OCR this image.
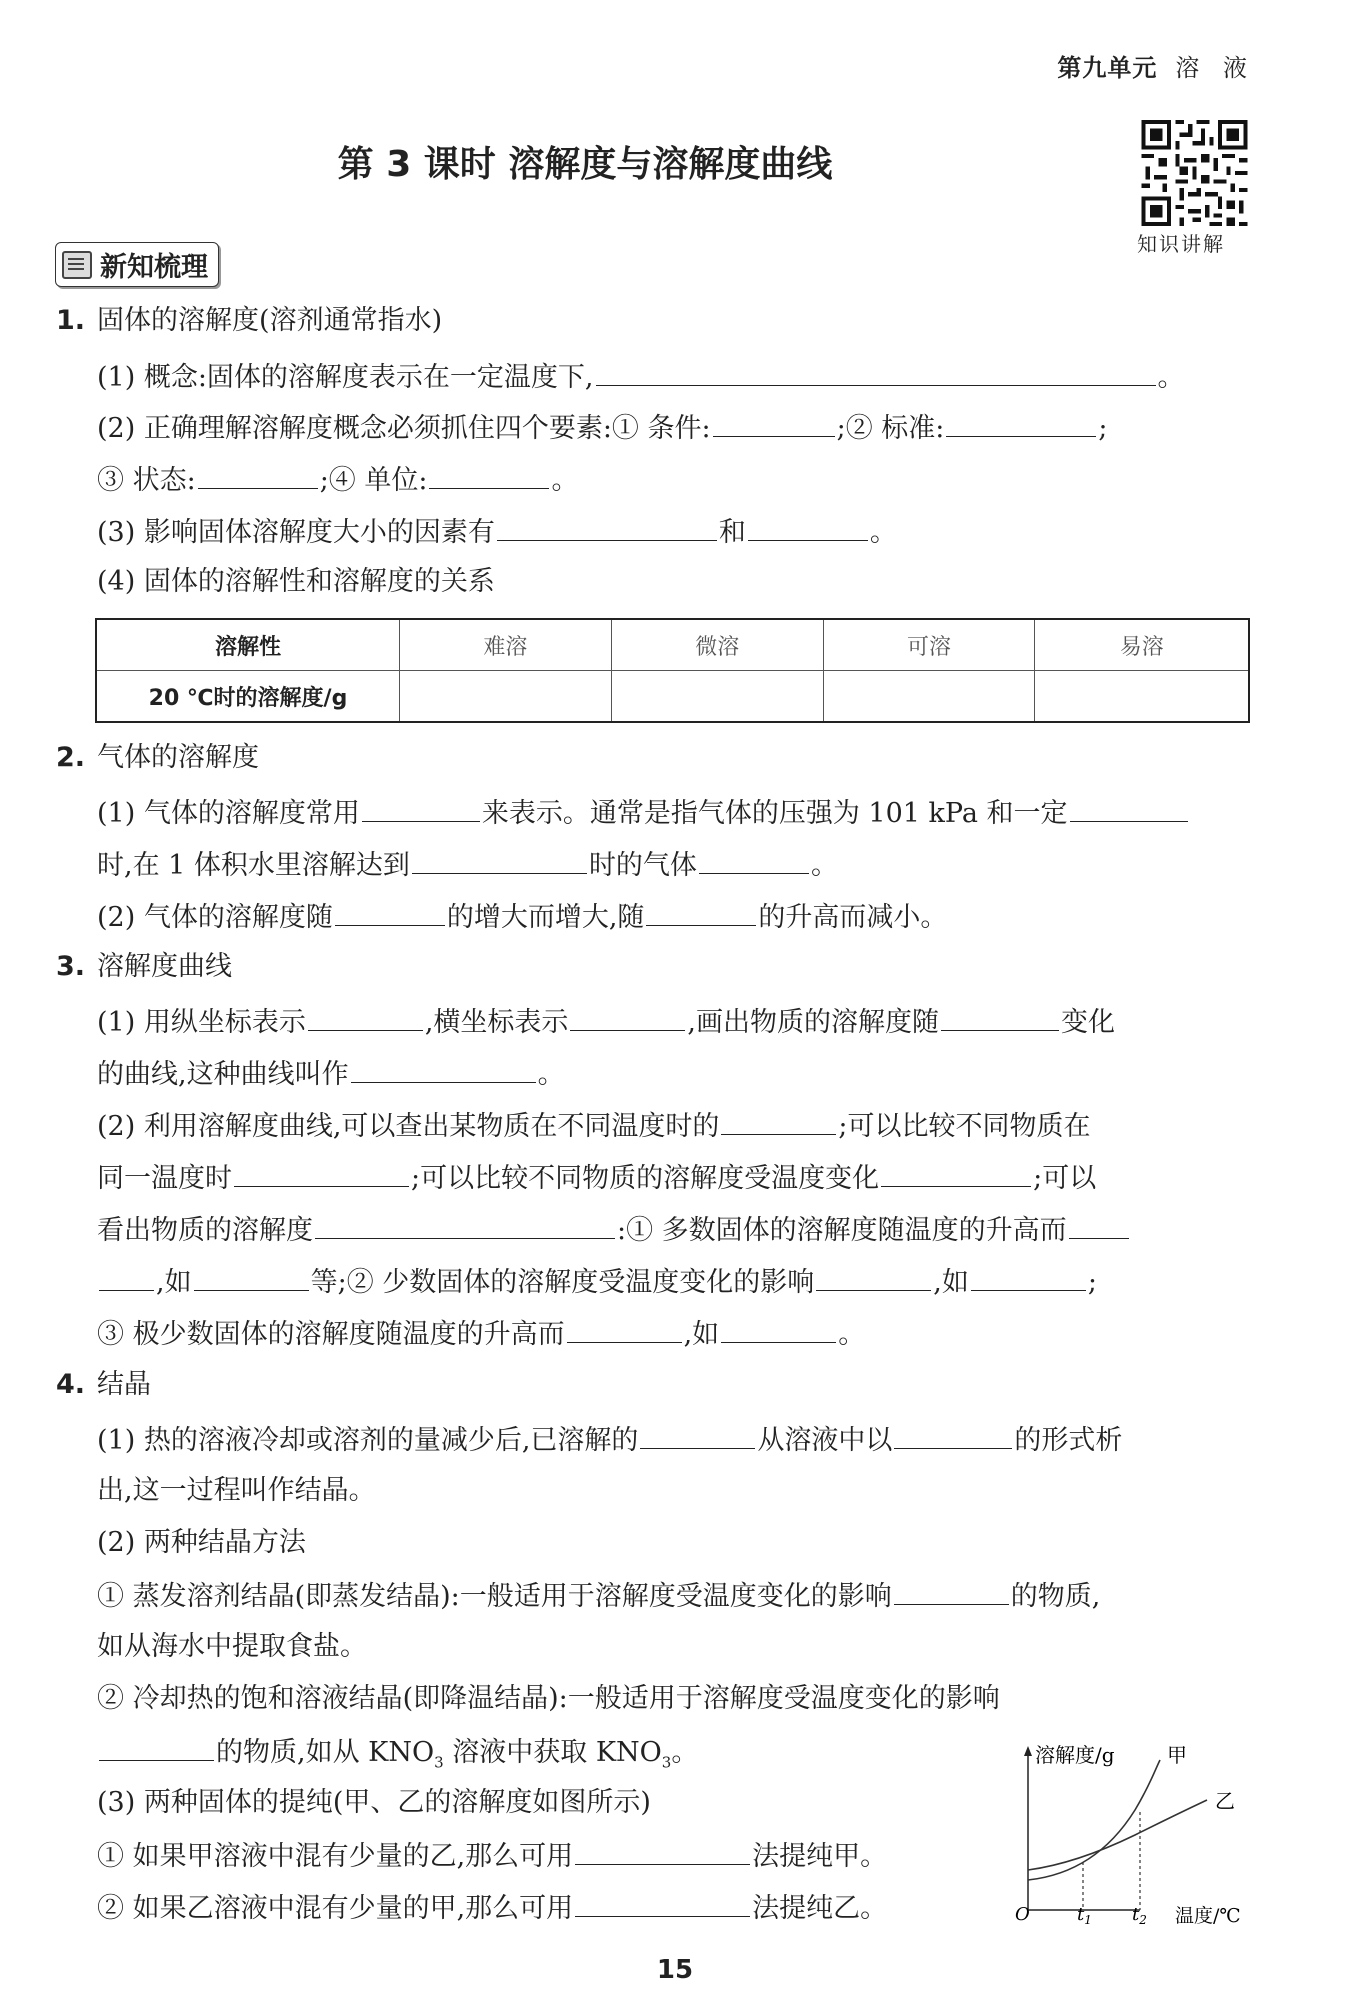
第九单元 溶 液
第 3 课时 溶解度与溶解度曲线
知识讲解
新知梳理
1. 固体的溶解度(溶剂通常指水)
(1) 概念:固体的溶解度表示在一定温度下,	。
(2) 正确理解溶解度概念必须抓住四个要素:① 条件:	;② 标准:	;
③ 状态:	;④ 单位:	。
(3) 影响固体溶解度大小的因素有	和	。
(4) 固体的溶解性和溶解度的关系
溶解性	难溶	微溶	可溶	易溶
20 ℃时的溶解度/g				
2. 气体的溶解度
(1) 气体的溶解度常用	来表示。通常是指气体的压强为 101 kPa 和一定
时,在 1 体积水里溶解达到	时的气体	。
(2) 气体的溶解度随	的增大而增大,随	的升高而减小。
3. 溶解度曲线
(1) 用纵坐标表示	,横坐标表示	,画出物质的溶解度随	变化
的曲线,这种曲线叫作	。
(2) 利用溶解度曲线,可以查出某物质在不同温度时的	;可以比较不同物质在
同一温度时	;可以比较不同物质的溶解度受温度变化	;可以
看出物质的溶解度	:① 多数固体的溶解度随温度的升高而
,如	等;② 少数固体的溶解度受温度变化的影响	,如	;
③ 极少数固体的溶解度随温度的升高而	,如	。
4. 结晶
(1) 热的溶液冷却或溶剂的量减少后,已溶解的	从溶液中以	的形式析
出,这一过程叫作结晶。
(2) 两种结晶方法
① 蒸发溶剂结晶(即蒸发结晶):一般适用于溶解度受温度变化的影响	的物质,
如从海水中提取食盐。
② 冷却热的饱和溶液结晶(即降温结晶):一般适用于溶解度受温度变化的影响
的物质,如从 $KNO_3$ 溶液中获取 $KNO_3$。
(3) 两种固体的提纯(甲、乙的溶解度如图所示)
① 如果甲溶液中混有少量的乙,那么可用	法提纯甲。
② 如果乙溶液中混有少量的甲,那么可用	法提纯乙。
溶解度/g	甲
乙
O	$t_1$ $t_2$ 温度/℃
15
